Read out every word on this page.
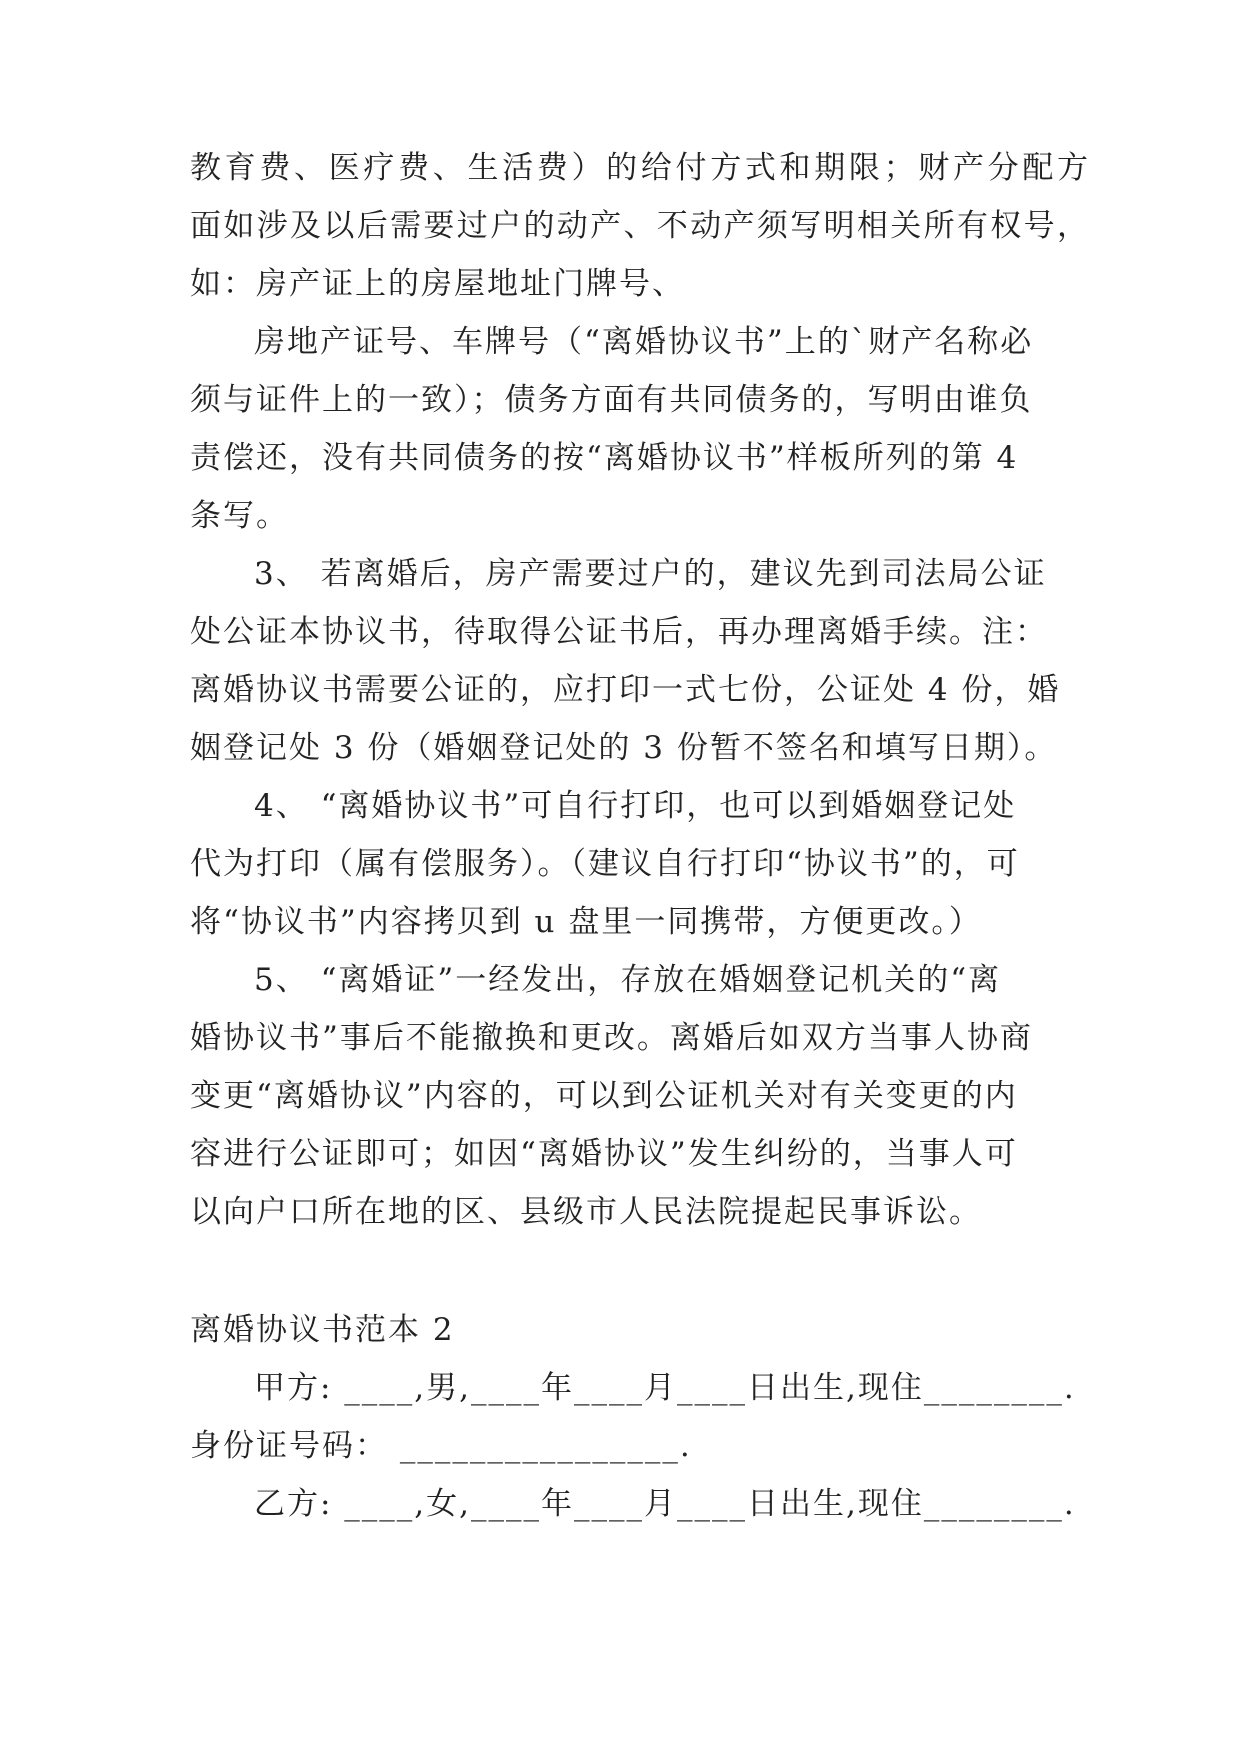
教育费、医疗费、生活费）的给付方式和期限；财产分配方
面如涉及以后需要过户的动产、不动产须写明相关所有权号，
如：房产证上的房屋地址门牌号、
房地产证号、车牌号（“离婚协议书”上的`财产名称必
须与证件上的一致）；债务方面有共同债务的，写明由谁负
责偿还，没有共同债务的按“离婚协议书”样板所列的第 4
条写。
3、 若离婚后，房产需要过户的，建议先到司法局公证
处公证本协议书，待取得公证书后，再办理离婚手续。注：
离婚协议书需要公证的，应打印一式七份，公证处 4 份，婚
姻登记处 3 份（婚姻登记处的 3 份暂不签名和填写日期）。
4、 “离婚协议书”可自行打印，也可以到婚姻登记处
代为打印（属有偿服务）。（建议自行打印“协议书”的，可
将“协议书”内容拷贝到 u 盘里一同携带，方便更改。）
5、 “离婚证”一经发出，存放在婚姻登记机关的“离
婚协议书”事后不能撤换和更改。离婚后如双方当事人协商
变更“离婚协议”内容的，可以到公证机关对有关变更的内
容进行公证即可；如因“离婚协议”发生纠纷的，当事人可
以向户口所在地的区、县级市人民法院提起民事诉讼。
离婚协议书范本 2
甲方: ____,男,____年____月____日出生,现住________.
身份证号码： ________________.
乙方: ____,女,____年____月____日出生,现住________.
